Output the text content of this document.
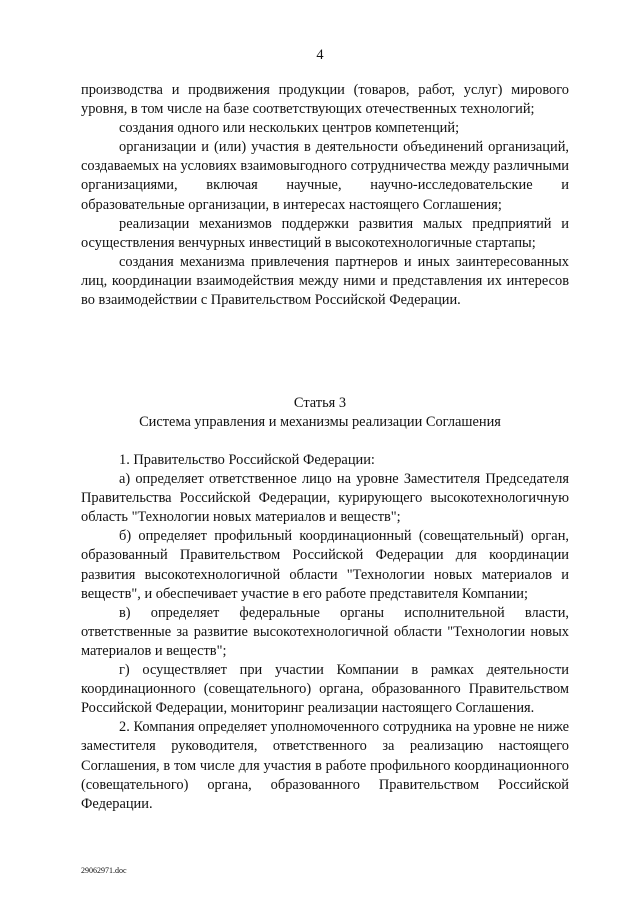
4

производства и продвижения продукции (товаров, работ, услуг) мирового уровня, в том числе на базе соответствующих отечественных технологий;

создания одного или нескольких центров компетенций;

организации и (или) участия в деятельности объединений организаций, создаваемых на условиях взаимовыгодного сотрудничества между различными организациями, включая научные, научно-исследовательские и образовательные организации, в интересах настоящего Соглашения;

реализации механизмов поддержки развития малых предприятий и осуществления венчурных инвестиций в высокотехнологичные стартапы;

создания механизма привлечения партнеров и иных заинтересованных лиц, координации взаимодействия между ними и представления их интересов во взаимодействии с Правительством Российской Федерации.

Статья 3
Система управления и механизмы реализации Соглашения

1. Правительство Российской Федерации:

а) определяет ответственное лицо на уровне Заместителя Председателя Правительства Российской Федерации, курирующего высокотехнологичную область "Технологии новых материалов и веществ";

б) определяет профильный координационный (совещательный) орган, образованный Правительством Российской Федерации для координации развития высокотехнологичной области "Технологии новых материалов и веществ", и обеспечивает участие в его работе представителя Компании;

в) определяет федеральные органы исполнительной власти, ответственные за развитие высокотехнологичной области "Технологии новых материалов и веществ";

г) осуществляет при участии Компании в рамках деятельности координационного (совещательного) органа, образованного Правительством Российской Федерации, мониторинг реализации настоящего Соглашения.

2. Компания определяет уполномоченного сотрудника на уровне не ниже заместителя руководителя, ответственного за реализацию настоящего Соглашения, в том числе для участия в работе профильного координационного (совещательного) органа, образованного Правительством Российской Федерации.

29062971.doc
